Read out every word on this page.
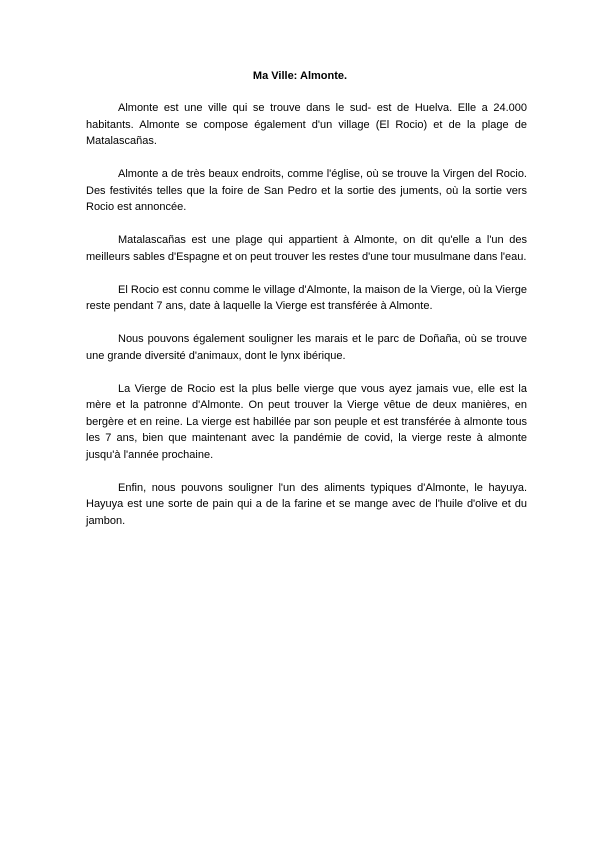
Ma Ville: Almonte.

Almonte est une ville qui se trouve dans le sud- est de Huelva. Elle a 24.000 habitants. Almonte se compose également d'un village (El Rocio) et de la plage de Matalascañas.

Almonte a de très beaux endroits, comme l'église, où se trouve la Virgen del Rocio. Des festivités telles que la foire de San Pedro et la sortie des juments, où la sortie vers Rocio est annoncée.

Matalascañas est une plage qui appartient à Almonte, on dit qu'elle a l'un des meilleurs sables d'Espagne et on peut trouver les restes d'une tour musulmane dans l'eau.

El Rocio est connu comme le village d'Almonte, la maison de la Vierge, où la Vierge reste pendant 7 ans, date à laquelle la Vierge est transférée à Almonte.

Nous pouvons également souligner les marais et le parc de Doñaña, où se trouve une grande diversité d'animaux, dont le lynx ibérique.

La Vierge de Rocio est la plus belle vierge que vous ayez jamais vue, elle est la mère et la patronne d'Almonte. On peut trouver la Vierge vêtue de deux manières, en bergère et en reine. La vierge est habillée par son peuple et est transférée à almonte tous les 7 ans, bien que maintenant avec la pandémie de covid, la vierge reste à almonte jusqu'à l'année prochaine.

Enfin, nous pouvons souligner l'un des aliments typiques d'Almonte, le hayuya. Hayuya est une sorte de pain qui a de la farine et se mange avec de l'huile d'olive et du jambon.
